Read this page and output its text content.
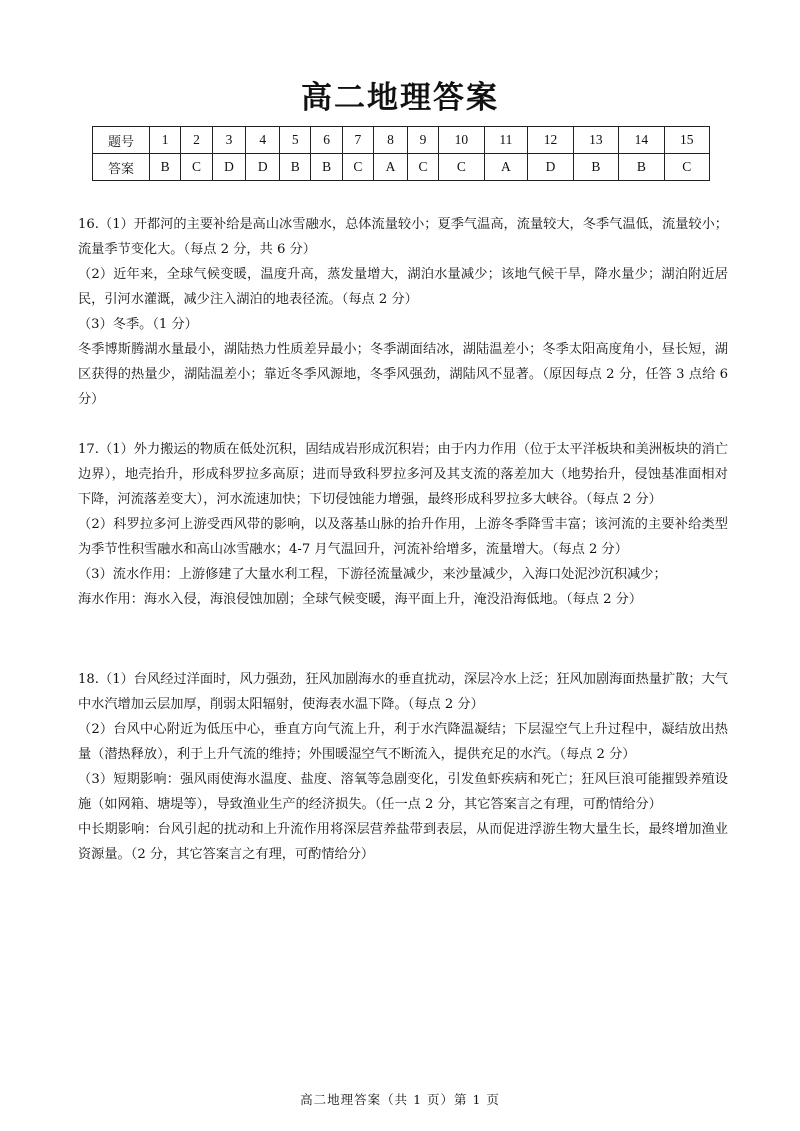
高二地理答案
题号	1	2	3	4	5	6	7	8	9	10	11	12	13	14	15
答案	B	C	D	D	B	B	C	A	C	C	A	D	B	B	C

16.（1）开都河的主要补给是高山冰雪融水，总体流量较小；夏季气温高，流量较大，冬季气温低，流量较小；流量季节变化大。（每点 2 分，共 6 分）

（2）近年来，全球气候变暖，温度升高，蒸发量增大，湖泊水量减少；该地气候干旱，降水量少；湖泊附近居民，引河水灌溉，减少注入湖泊的地表径流。（每点 2 分）

（3）冬季。（1 分）

冬季博斯腾湖水量最小，湖陆热力性质差异最小；冬季湖面结冰，湖陆温差小；冬季太阳高度角小，昼长短，湖区获得的热量少，湖陆温差小；靠近冬季风源地，冬季风强劲，湖陆风不显著。（原因每点 2 分，任答 3 点给 6 分）

17.（1）外力搬运的物质在低处沉积，固结成岩形成沉积岩；由于内力作用（位于太平洋板块和美洲板块的消亡边界），地壳抬升，形成科罗拉多高原；进而导致科罗拉多河及其支流的落差加大（地势抬升，侵蚀基准面相对下降，河流落差变大），河水流速加快；下切侵蚀能力增强，最终形成科罗拉多大峡谷。（每点 2 分）

（2）科罗拉多河上游受西风带的影响，以及落基山脉的抬升作用，上游冬季降雪丰富；该河流的主要补给类型为季节性积雪融水和高山冰雪融水；4-7 月气温回升，河流补给增多，流量增大。（每点 2 分）

（3）流水作用：上游修建了大量水利工程，下游径流量减少，来沙量减少，入海口处泥沙沉积减少；

海水作用：海水入侵，海浪侵蚀加剧；全球气候变暖，海平面上升，淹没沿海低地。（每点 2 分）

18.（1）台风经过洋面时，风力强劲，狂风加剧海水的垂直扰动，深层冷水上泛；狂风加剧海面热量扩散；大气中水汽增加云层加厚，削弱太阳辐射，使海表水温下降。（每点 2 分）

（2）台风中心附近为低压中心，垂直方向气流上升，利于水汽降温凝结；下层湿空气上升过程中，凝结放出热量（潜热释放），利于上升气流的维持；外围暖湿空气不断流入，提供充足的水汽。（每点 2 分）

（3）短期影响：强风雨使海水温度、盐度、溶氧等急剧变化，引发鱼虾疾病和死亡；狂风巨浪可能摧毁养殖设施（如网箱、塘堤等），导致渔业生产的经济损失。（任一点 2 分，其它答案言之有理，可酌情给分）

中长期影响：台风引起的扰动和上升流作用将深层营养盐带到表层，从而促进浮游生物大量生长，最终增加渔业资源量。（2 分，其它答案言之有理，可酌情给分）

高二地理答案（共 1 页）第 1 页
